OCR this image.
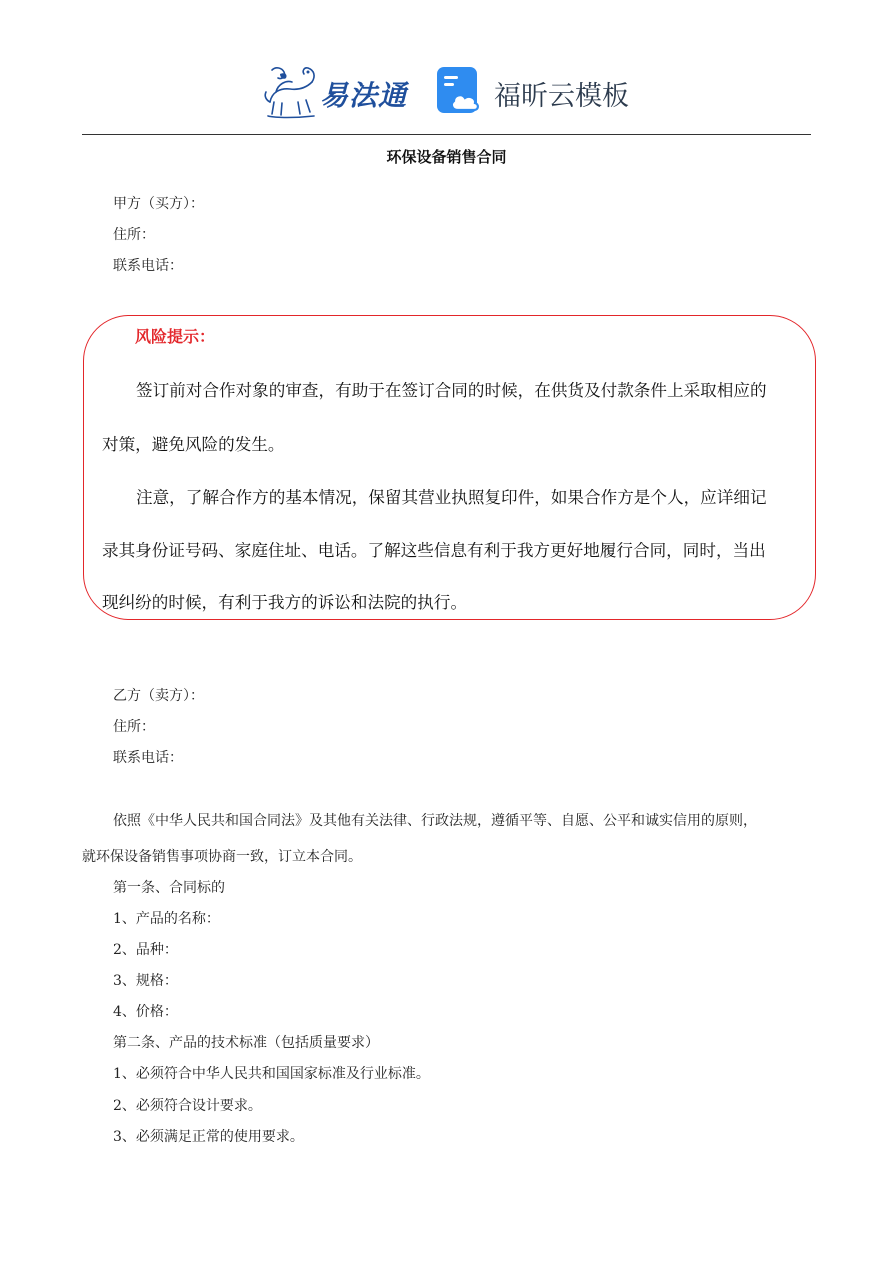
易法通	福昕云模板
环保设备销售合同
甲方（买方）：
住所：
联系电话：
风险提示：
签订前对合作对象的审查，有助于在签订合同的时候，在供货及付款条件上采取相应的
对策，避免风险的发生。
注意，了解合作方的基本情况，保留其营业执照复印件，如果合作方是个人，应详细记
录其身份证号码、家庭住址、电话。了解这些信息有利于我方更好地履行合同，同时，当出
现纠纷的时候，有利于我方的诉讼和法院的执行。
乙方（卖方）：
住所：
联系电话：
依照《中华人民共和国合同法》及其他有关法律、行政法规，遵循平等、自愿、公平和诚实信用的原则，
就环保设备销售事项协商一致，订立本合同。
第一条、合同标的
1、产品的名称：
2、品种：
3、规格：
4、价格：
第二条、产品的技术标准（包括质量要求）
1、必须符合中华人民共和国国家标准及行业标准。
2、必须符合设计要求。
3、必须满足正常的使用要求。
